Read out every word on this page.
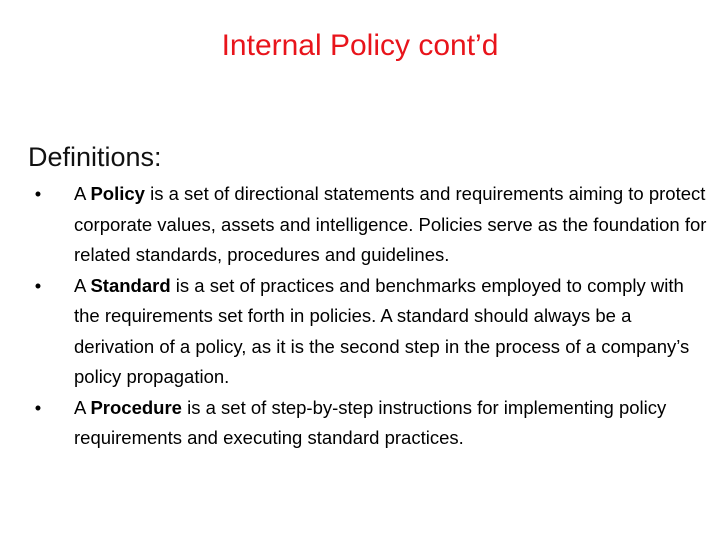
Internal Policy cont’d
Definitions:
•	A Policy is a set of directional statements and requirements aiming to protect corporate values, assets and intelligence. Policies serve as the foundation for related standards, procedures and guidelines.
•	A Standard is a set of practices and benchmarks employed to comply with the requirements set forth in policies. A standard should always be a derivation of a policy, as it is the second step in the process of a company’s policy propagation.
•	A Procedure is a set of step-by-step instructions for implementing policy requirements and executing standard practices.
